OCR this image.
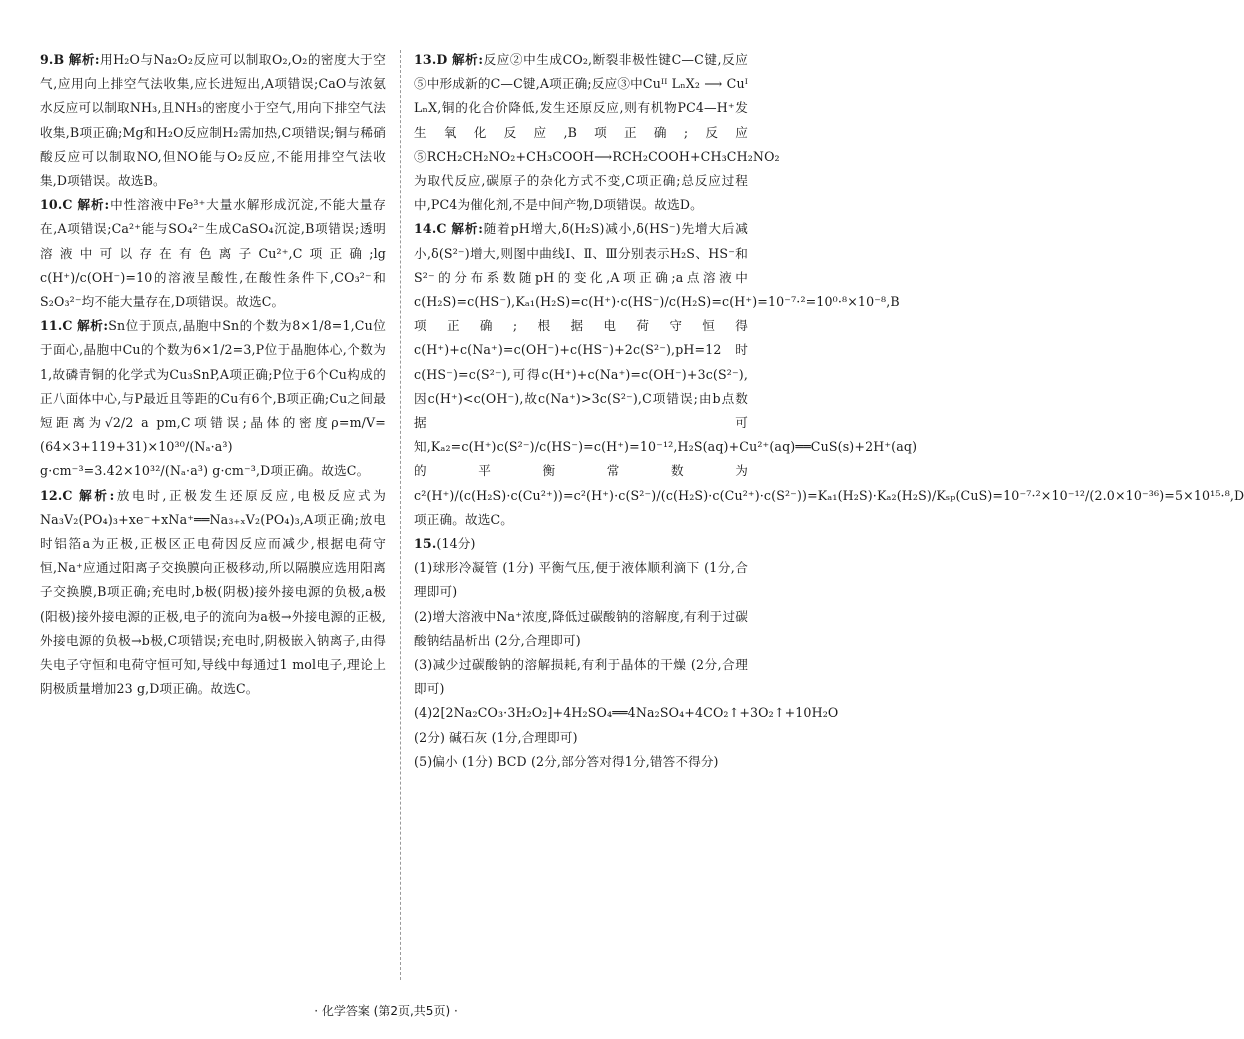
9.B 解析:用H₂O与Na₂O₂反应可以制取O₂,O₂的密度大于空气,应用向上排空气法收集,应长进短出,A项错误;CaO与浓氨水反应可以制取NH₃,且NH₃的密度小于空气,用向下排空气法收集,B项正确;Mg和H₂O反应制H₂需加热,C项错误;铜与稀硝酸反应可以制取NO,但NO能与O₂反应,不能用排空气法收集,D项错误。故选B。

10.C 解析:中性溶液中Fe³⁺大量水解形成沉淀,不能大量存在,A项错误;Ca²⁺能与SO₄²⁻生成CaSO₄沉淀,B项错误;透明溶液中可以存在有色离子Cu²⁺,C项正确;lg c(H⁺)/c(OH⁻)=10的溶液呈酸性,在酸性条件下,CO₃²⁻和S₂O₃²⁻均不能大量存在,D项错误。故选C。

11.C 解析:Sn位于顶点,晶胞中Sn的个数为8×1/8=1,Cu位于面心,晶胞中Cu的个数为6×1/2=3,P位于晶胞体心,个数为1,故磷青铜的化学式为Cu₃SnP,A项正确;P位于6个Cu构成的正八面体中心,与P最近且等距的Cu有6个,B项正确;Cu之间最短距离为√2/2 a pm,C项错误;晶体的密度ρ=m/V=(64×3+119+31)×10³⁰/(Nₐ·a³) g·cm⁻³=3.42×10³²/(Nₐ·a³) g·cm⁻³,D项正确。故选C。

12.C 解析:放电时,正极发生还原反应,电极反应式为Na₃V₂(PO₄)₃+xe⁻+xNa⁺══Na₃₊ₓV₂(PO₄)₃,A项正确;放电时铝箔a为正极,正极区正电荷因反应而减少,根据电荷守恒,Na⁺应通过阳离子交换膜向正极移动,所以隔膜应选用阳离子交换膜,B项正确;充电时,b极(阴极)接外接电源的负极,a极(阳极)接外接电源的正极,电子的流向为a极→外接电源的正极,外接电源的负极→b极,C项错误;充电时,阴极嵌入钠离子,由得失电子守恒和电荷守恒可知,导线中每通过1 mol电子,理论上阴极质量增加23 g,D项正确。故选C。

13.D 解析:反应②中生成CO₂,断裂非极性键C—C键,反应⑤中形成新的C—C键,A项正确;反应③中Cuᴵᴵ LₙX₂ ⟶ Cuᴵ LₙX,铜的化合价降低,发生还原反应,则有机物PC4—H⁺发生氧化反应,B项正确;反应⑤RCH₂CH₂NO₂+CH₃COOH⟶RCH₂COOH+CH₃CH₂NO₂为取代反应,碳原子的杂化方式不变,C项正确;总反应过程中,PC4为催化剂,不是中间产物,D项错误。故选D。

14.C 解析:随着pH增大,δ(H₂S)减小,δ(HS⁻)先增大后减小,δ(S²⁻)增大,则图中曲线Ⅰ、Ⅱ、Ⅲ分别表示H₂S、HS⁻和S²⁻的分布系数随pH的变化,A项正确;a点溶液中c(H₂S)=c(HS⁻),Kₐ₁(H₂S)=c(H⁺)·c(HS⁻)/c(H₂S)=c(H⁺)=10⁻⁷·²=10⁰·⁸×10⁻⁸,B项正确;根据电荷守恒得c(H⁺)+c(Na⁺)=c(OH⁻)+c(HS⁻)+2c(S²⁻),pH=12时c(HS⁻)=c(S²⁻),可得c(H⁺)+c(Na⁺)=c(OH⁻)+3c(S²⁻),因c(H⁺)<c(OH⁻),故c(Na⁺)>3c(S²⁻),C项错误;由b点数据可知,Kₐ₂=c(H⁺)c(S²⁻)/c(HS⁻)=c(H⁺)=10⁻¹²,H₂S(aq)+Cu²⁺(aq)══CuS(s)+2H⁺(aq)的平衡常数为c²(H⁺)/(c(H₂S)·c(Cu²⁺))=c²(H⁺)·c(S²⁻)/(c(H₂S)·c(Cu²⁺)·c(S²⁻))=Kₐ₁(H₂S)·Kₐ₂(H₂S)/Kₛₚ(CuS)=10⁻⁷·²×10⁻¹²/(2.0×10⁻³⁶)=5×10¹⁵·⁸,D项正确。故选C。

15.(14分)

(1)球形冷凝管 (1分) 平衡气压,便于液体顺利滴下 (1分,合理即可)

(2)增大溶液中Na⁺浓度,降低过碳酸钠的溶解度,有利于过碳酸钠结晶析出 (2分,合理即可)

(3)减少过碳酸钠的溶解损耗,有利于晶体的干燥 (2分,合理即可)

(4)2[2Na₂CO₃·3H₂O₂]+4H₂SO₄══4Na₂SO₄+4CO₂↑+3O₂↑+10H₂O (2分) 碱石灰 (1分,合理即可)

(5)偏小 (1分) BCD (2分,部分答对得1分,错答不得分)

· 化学答案 (第2页,共5页) ·
